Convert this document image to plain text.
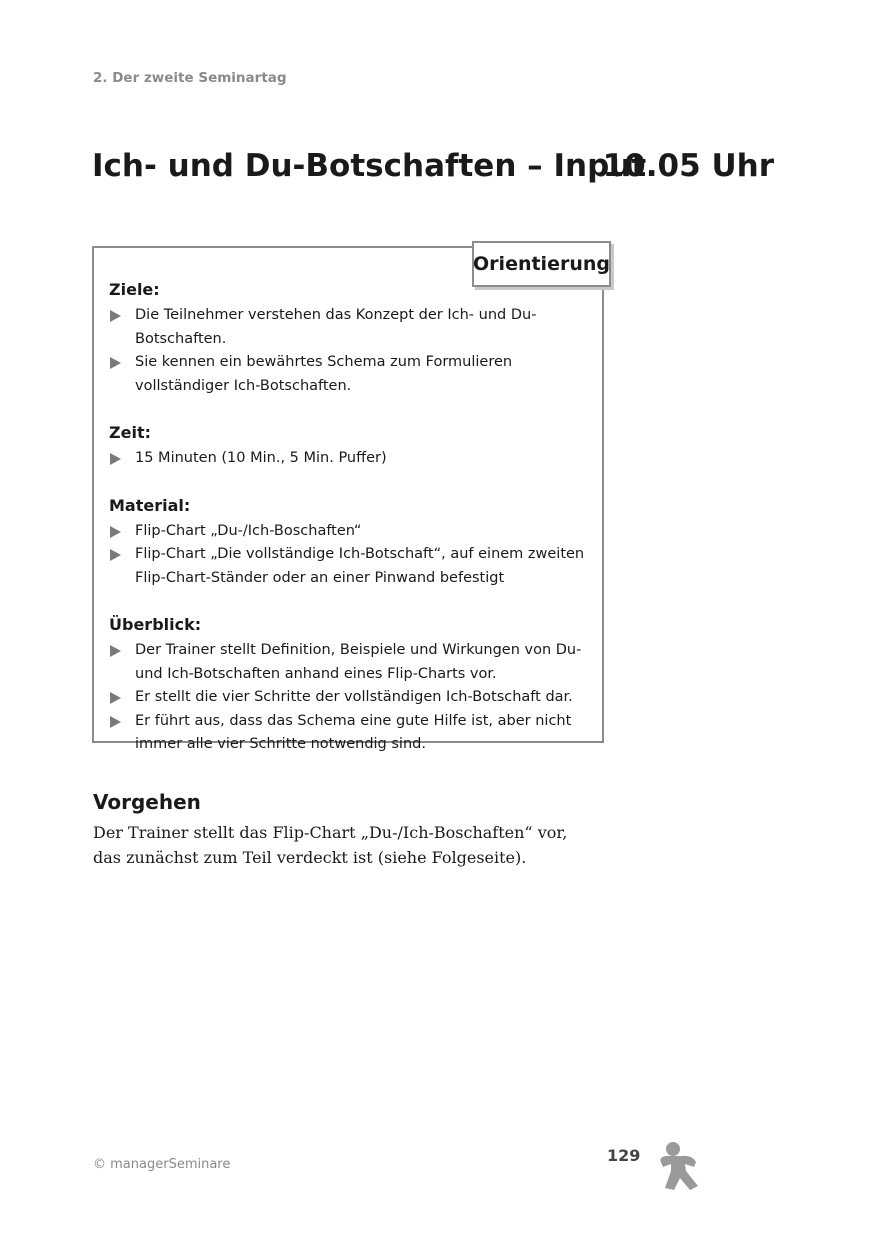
2. Der zweite Seminartag
Ich- und Du-Botschaften – Input
10.05 Uhr
Ziele:
Die Teilnehmer verstehen das Konzept der Ich- und Du-Botschaften.
Sie kennen ein bewährtes Schema zum Formulieren vollständiger Ich-Botschaften.
Zeit:
15 Minuten (10 Min., 5 Min. Puffer)
Material:
Flip-Chart „Du-/Ich-Boschaften“
Flip-Chart „Die vollständige Ich-Botschaft“, auf einem zweiten Flip-Chart-Ständer oder an einer Pinwand befestigt
Überblick:
Der Trainer stellt Definition, Beispiele und Wirkungen von Du- und Ich-Botschaften anhand eines Flip-Charts vor.
Er stellt die vier Schritte der vollständigen Ich-Botschaft dar.
Er führt aus, dass das Schema eine gute Hilfe ist, aber nicht immer alle vier Schritte notwendig sind.
Orientierung
Vorgehen

Der Trainer stellt das Flip-Chart „Du-/Ich-Boschaften“ vor, das zunächst zum Teil verdeckt ist (siehe Folgeseite).

© managerSeminare	129
